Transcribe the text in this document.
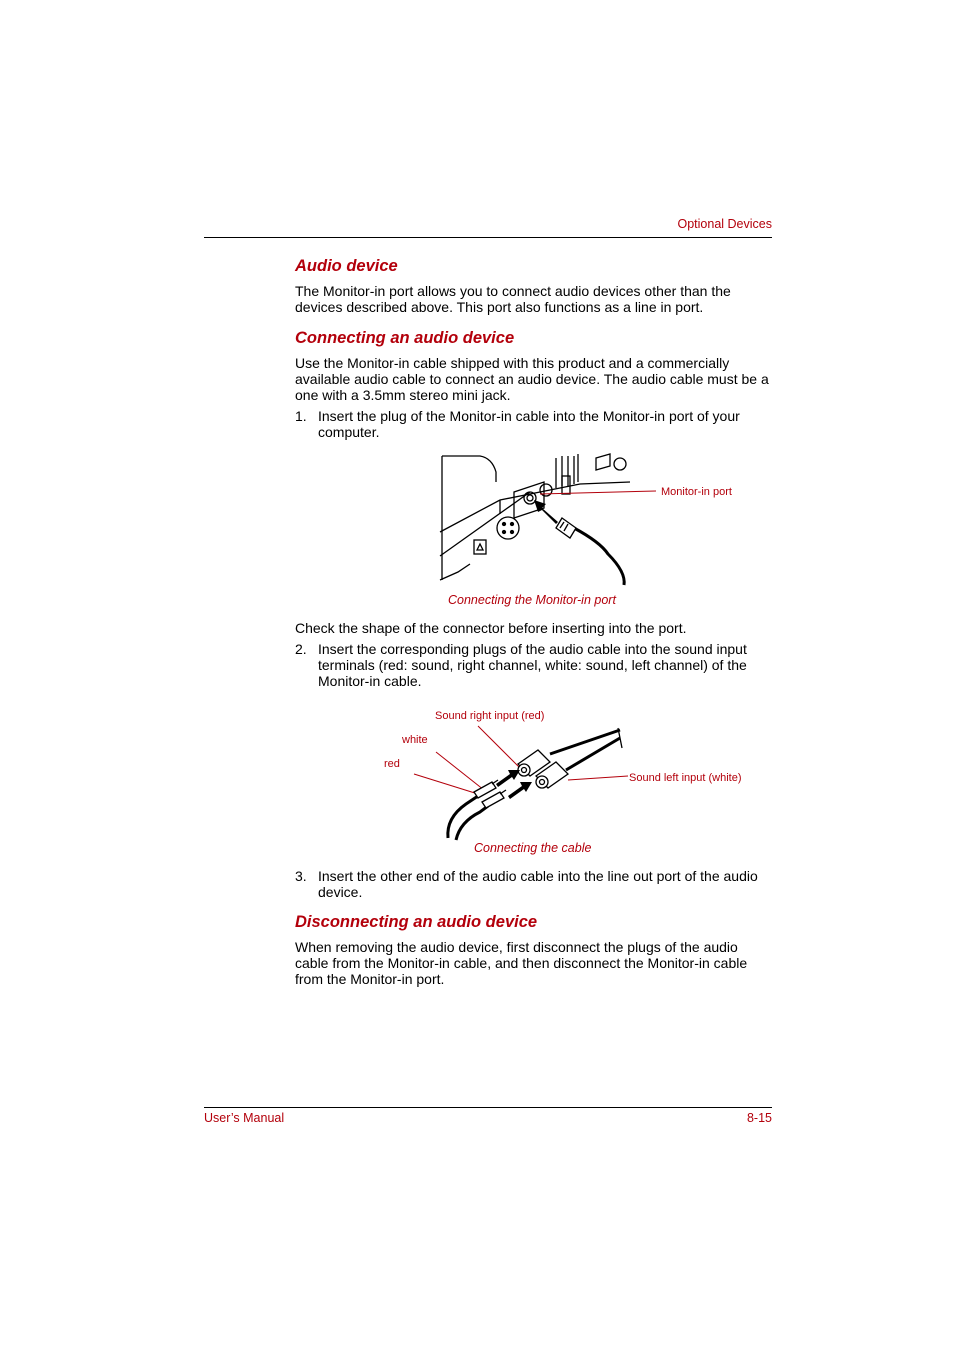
Optional Devices
Audio device

The Monitor-in port allows you to connect audio devices other than the devices described above. This port also functions as a line in port.

Connecting an audio device

Use the Monitor-in cable shipped with this product and a commercially available audio cable to connect an audio device. The audio cable must be a one with a 3.5mm stereo mini jack.

1. Insert the plug of the Monitor-in cable into the Monitor-in port of your computer.
Monitor-in port
Connecting the Monitor-in port

Check the shape of the connector before inserting into the port.

2. Insert the corresponding plugs of the audio cable into the sound input terminals (red: sound, right channel, white: sound, left channel) of the Monitor-in cable.
Sound right input (red)
white
red
Sound left input (white)
Connecting the cable
3. Insert the other end of the audio cable into the line out port of the audio device.
Disconnecting an audio device

When removing the audio device, first disconnect the plugs of the audio cable from the Monitor-in cable, and then disconnect the Monitor-in cable from the Monitor-in port.

User’s Manual	8-15
